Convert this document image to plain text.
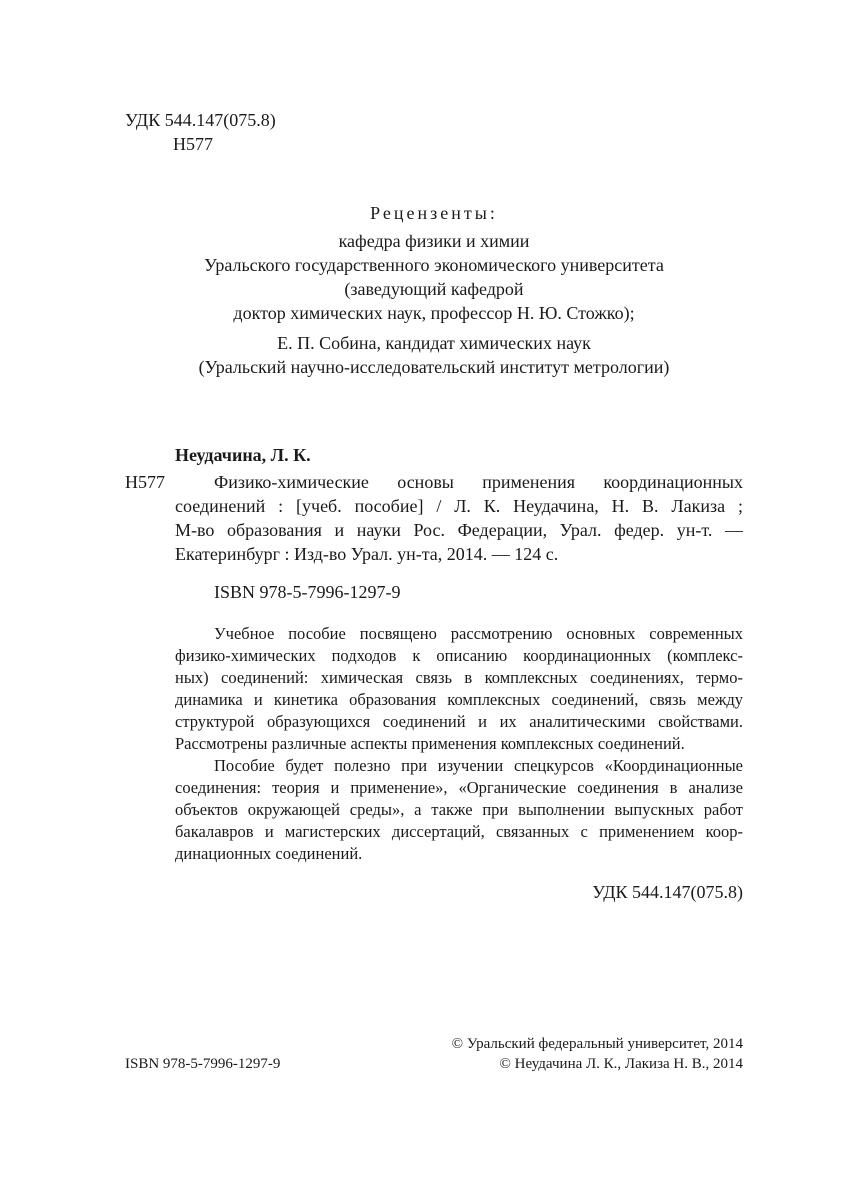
УДК 544.147(075.8)
Н577
Рецензенты:
кафедра физики и химии
Уральского государственного экономического университета
(заведующий кафедрой
доктор химических наук, профессор Н. Ю. Стожко);
Е. П. Собина, кандидат химических наук
(Уральский научно-исследовательский институт метрологии)
Неудачина, Л. К.
Н577	Физико-химические основы применения координационных
соединений : [учеб. пособие] / Л. К. Неудачина, Н. В. Лакиза ;
М-во образования и науки Рос. Федерации, Урал. федер. ун-т. —
Екатеринбург : Изд-во Урал. ун-та, 2014. — 124 с.
ISBN 978-5-7996-1297-9
Учебное пособие посвящено рассмотрению основных современных
физико-химических подходов к описанию координационных (комплекс-
ных) соединений: химическая связь в комплексных соединениях, термо-
динамика и кинетика образования комплексных соединений, связь между
структурой образующихся соединений и их аналитическими свойствами.
Рассмотрены различные аспекты применения комплексных соединений.
Пособие будет полезно при изучении спецкурсов «Координационные
соединения: теория и применение», «Органические соединения в анализе
объектов окружающей среды», а также при выполнении выпускных работ
бакалавров и магистерских диссертаций, связанных с применением коор-
динационных соединений.
УДК 544.147(075.8)
© Уральский федеральный университет, 2014
ISBN 978-5-7996-1297-9	© Неудачина Л. К., Лакиза Н. В., 2014
